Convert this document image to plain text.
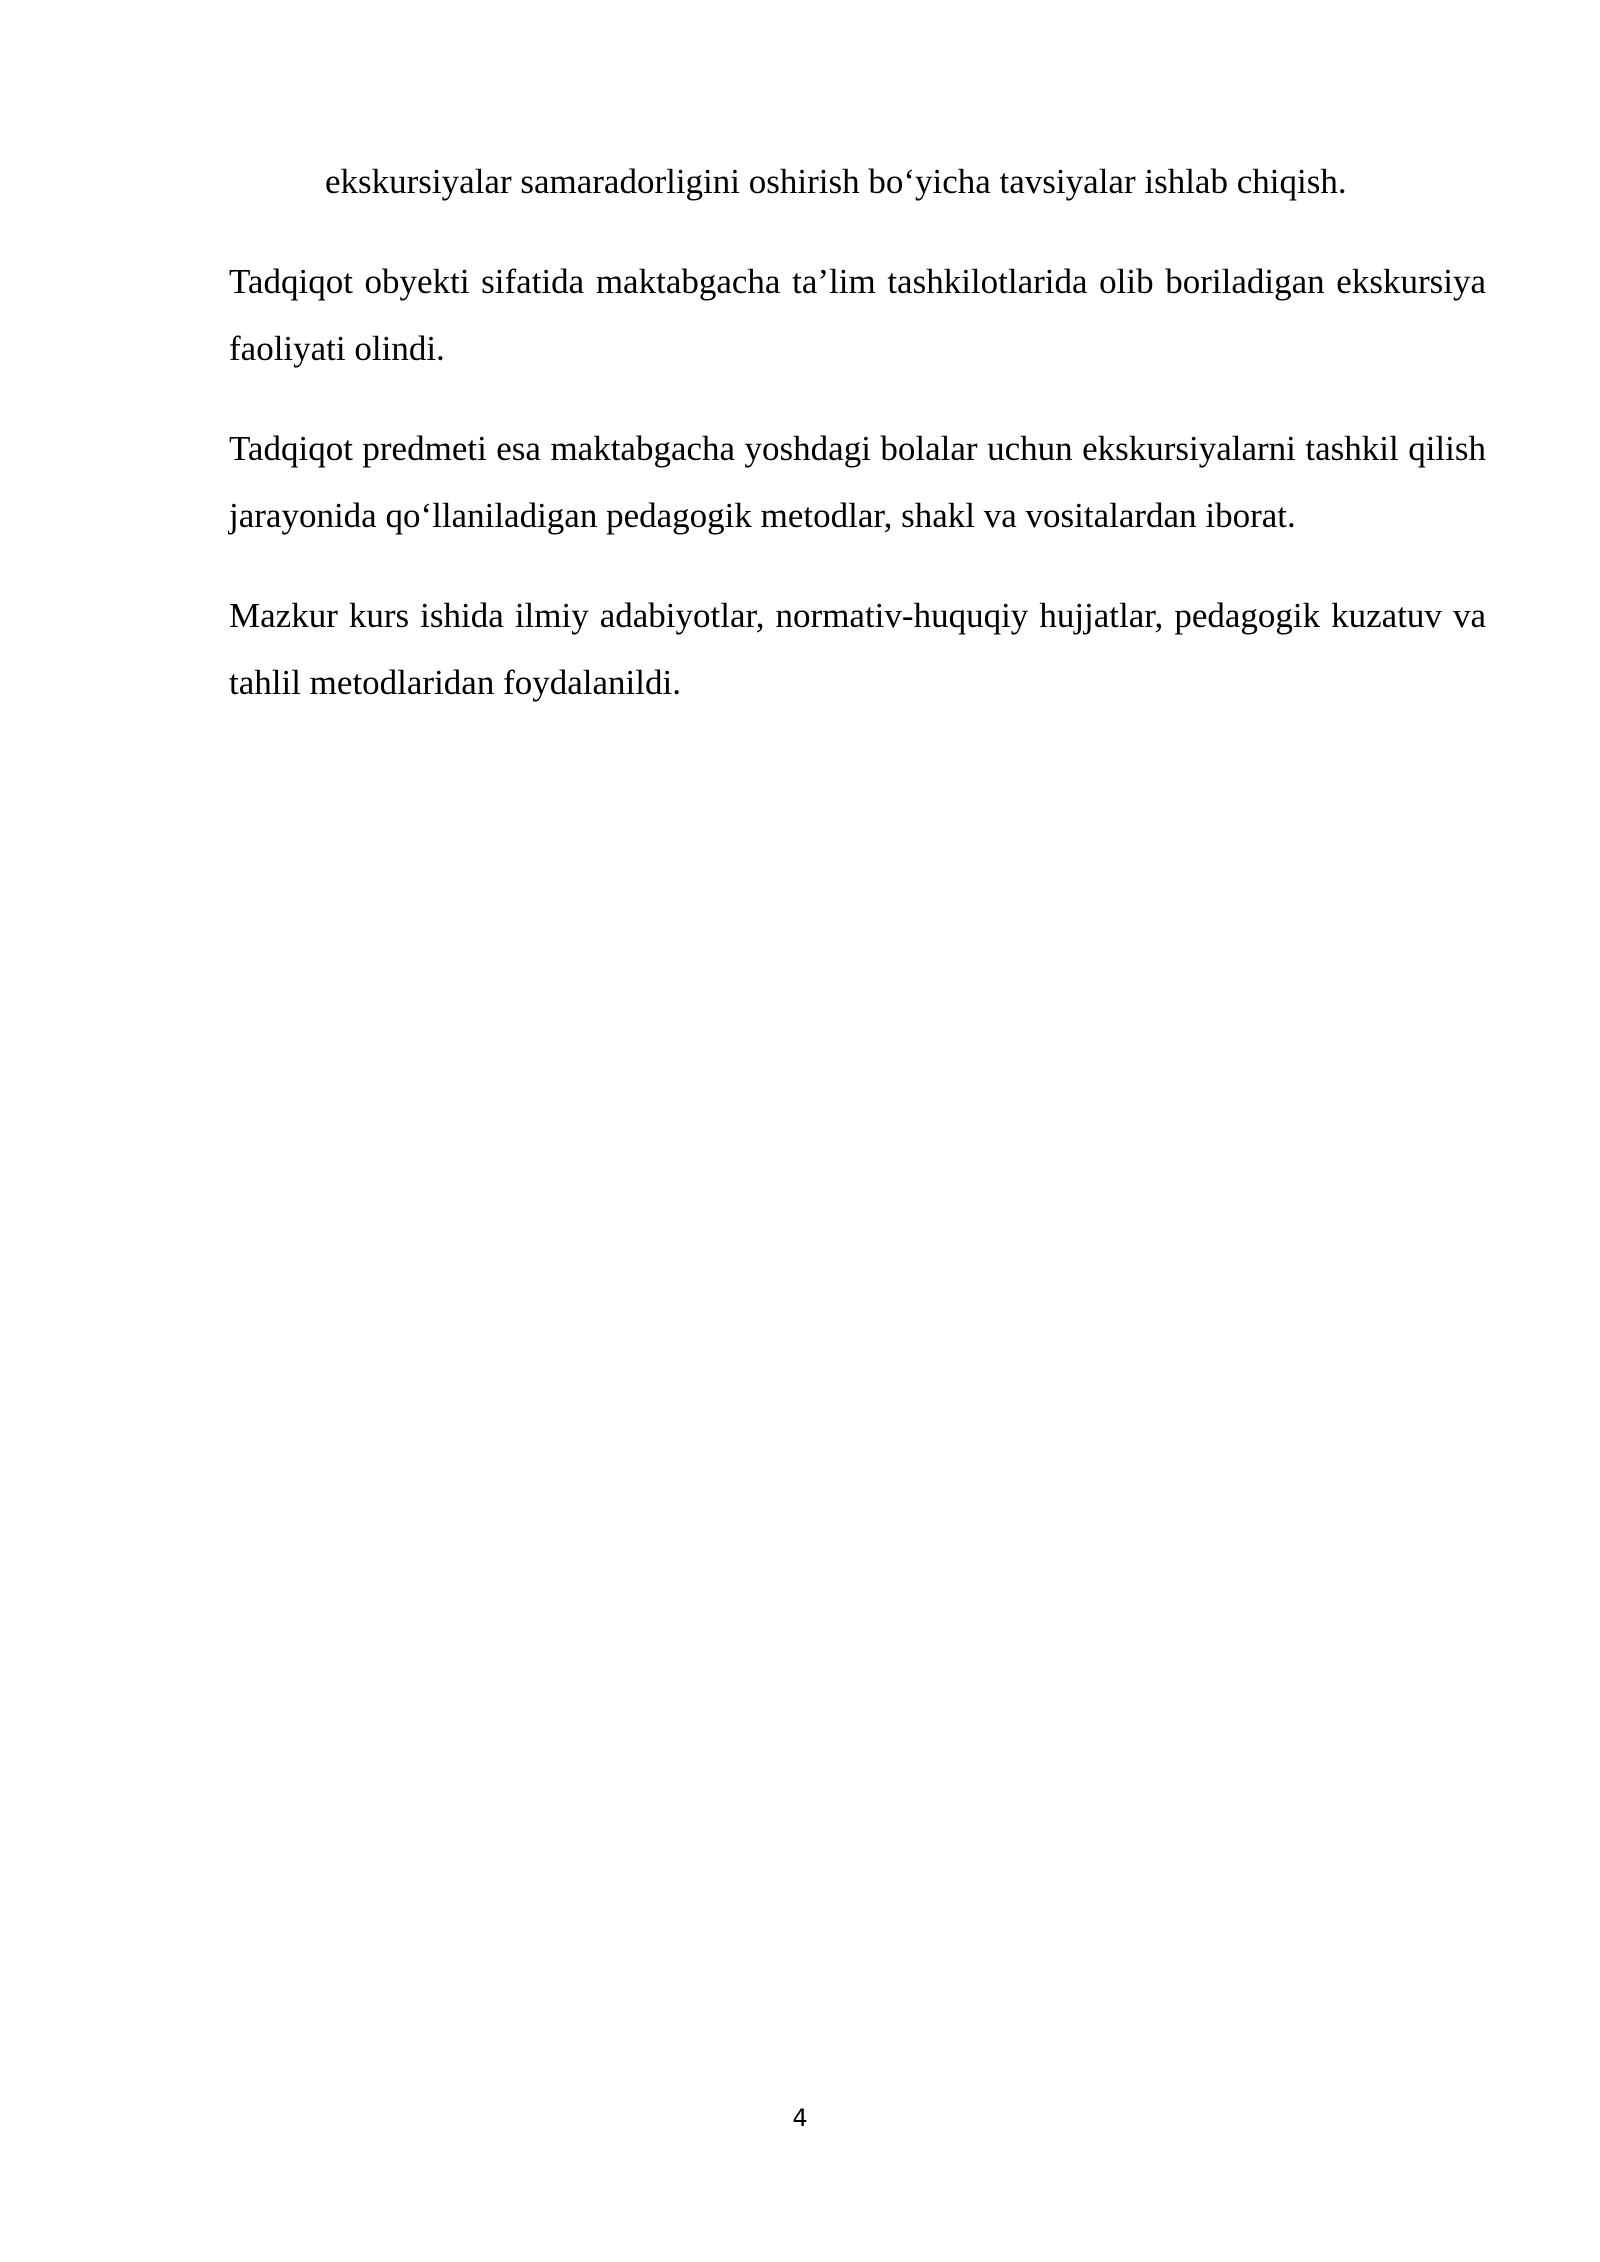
ekskursiyalar samaradorligini oshirish bo‘yicha tavsiyalar ishlab chiqish.

Tadqiqot obyekti sifatida maktabgacha ta’lim tashkilotlarida olib boriladigan ekskursiya faoliyati olindi.

Tadqiqot predmeti esa maktabgacha yoshdagi bolalar uchun ekskursiyalarni tashkil qilish jarayonida qo‘llaniladigan pedagogik metodlar, shakl va vositalardan iborat.

Mazkur kurs ishida ilmiy adabiyotlar, normativ-huquqiy hujjatlar, pedagogik kuzatuv va tahlil metodlaridan foydalanildi.

4
